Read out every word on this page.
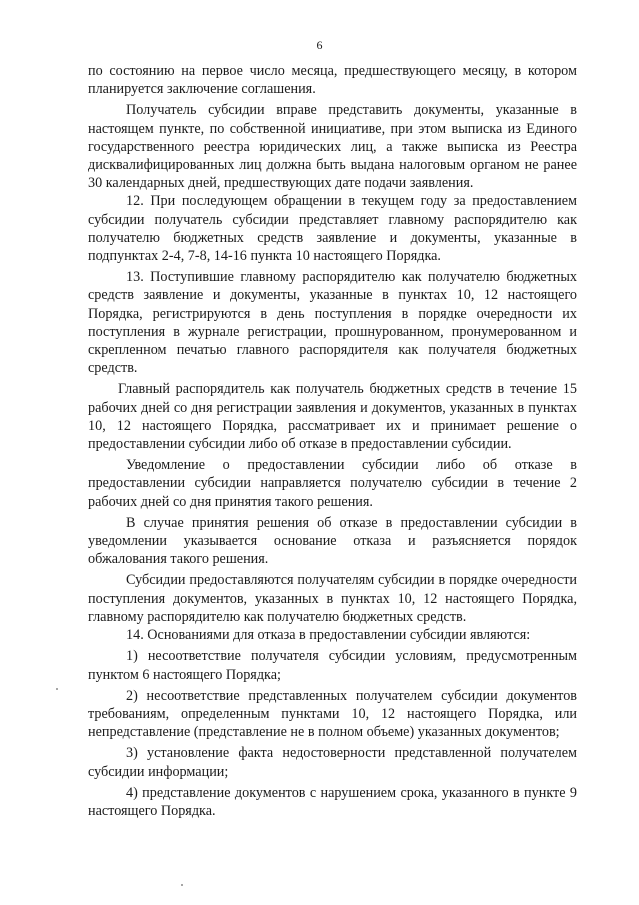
6

по состоянию на первое число месяца, предшествующего месяцу, в котором планируется заключение соглашения.

Получатель субсидии вправе представить документы, указанные в настоящем пункте, по собственной инициативе, при этом выписка из Единого государственного реестра юридических лиц, а также выписка из Реестра дисквалифицированных лиц должна быть выдана налоговым органом не ранее 30 календарных дней, предшествующих дате подачи заявления.

12. При последующем обращении в текущем году за предоставлением субсидии получатель субсидии представляет главному распорядителю как получателю бюджетных средств заявление и документы, указанные в подпунктах 2-4, 7-8, 14-16 пункта 10 настоящего Порядка.

13. Поступившие главному распорядителю как получателю бюджетных средств заявление и документы, указанные в пунктах 10, 12 настоящего Порядка, регистрируются в день поступления в порядке очередности их поступления в журнале регистрации, прошнурованном, пронумерованном и скрепленном печатью главного распорядителя как получателя бюджетных средств.

Главный распорядитель как получатель бюджетных средств в течение 15 рабочих дней со дня регистрации заявления и документов, указанных в пунктах 10, 12 настоящего Порядка, рассматривает их и принимает решение о предоставлении субсидии либо об отказе в предоставлении субсидии.

Уведомление о предоставлении субсидии либо об отказе в предоставлении субсидии направляется получателю субсидии в течение 2 рабочих дней со дня принятия такого решения.

В случае принятия решения об отказе в предоставлении субсидии в уведомлении указывается основание отказа и разъясняется порядок обжалования такого решения.

Субсидии предоставляются получателям субсидии в порядке очередности поступления документов, указанных в пунктах 10, 12 настоящего Порядка, главному распорядителю как получателю бюджетных средств.

14. Основаниями для отказа в предоставлении субсидии являются:

1) несоответствие получателя субсидии условиям, предусмотренным пунктом 6 настоящего Порядка;

2) несоответствие представленных получателем субсидии документов требованиям, определенным пунктами 10, 12 настоящего Порядка, или непредставление (представление не в полном объеме) указанных документов;

3) установление факта недостоверности представленной получателем субсидии информации;

4) представление документов с нарушением срока, указанного в пункте 9 настоящего Порядка.
